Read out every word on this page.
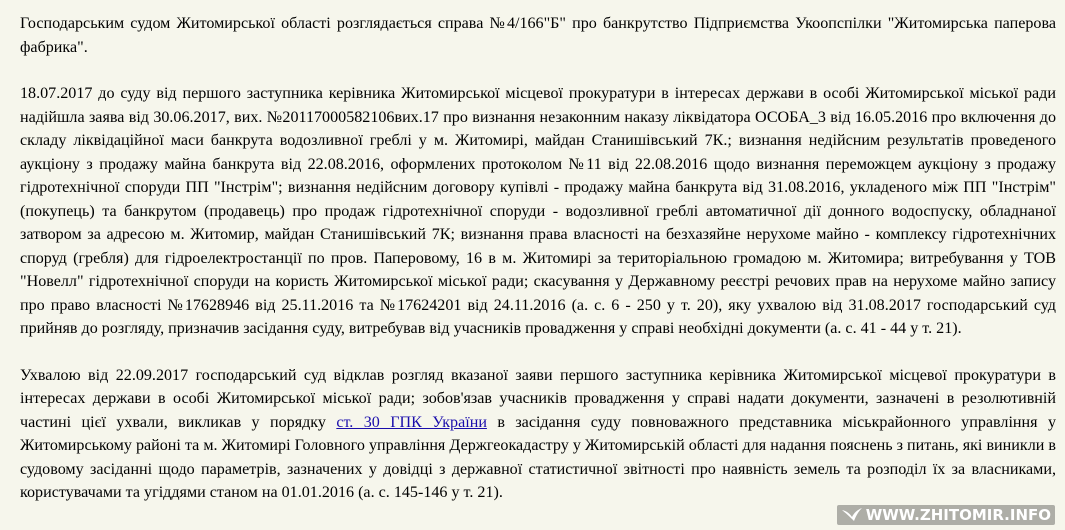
Господарським судом Житомирської області розглядається справа №4/166"Б" про банкрутство Підприємства Укоопспілки "Житомирська паперова фабрика".

18.07.2017 до суду від першого заступника керівника Житомирської місцевої прокуратури в інтересах держави в особі Житомирської міської ради надійшла заява від 30.06.2017, вих. №20117000582106вих.17 про визнання незаконним наказу ліквідатора ОСОБА_3 від 16.05.2016 про включення до складу ліквідаційної маси банкрута водозливної греблі у м. Житомирі, майдан Станишівський 7К.; визнання недійсним результатів проведеного аукціону з продажу майна банкрута від 22.08.2016, оформлених протоколом №11 від 22.08.2016 щодо визнання переможцем аукціону з продажу гідротехнічної споруди ПП "Інстрім"; визнання недійсним договору купівлі - продажу майна банкрута від 31.08.2016, укладеного між ПП "Інстрім" (покупець) та банкрутом (продавець) про продаж гідротехнічної споруди - водозливної греблі автоматичної дії донного водоспуску, обладнаної затвором за адресою м. Житомир, майдан Станишівський 7К; визнання права власності на безхазяйне нерухоме майно - комплексу гідротехнічних споруд (гребля) для гідроелектростанції по пров. Паперовому, 16 в м. Житомирі за територіальною громадою м. Житомира; витребування у ТОВ "Новелл" гідротехнічної споруди на користь Житомирської міської ради; скасування у Державному реєстрі речових прав на нерухоме майно запису про право власності №17628946 від 25.11.2016 та №17624201 від 24.11.2016 (а. с. 6 - 250 у т. 20), яку ухвалою від 31.08.2017 господарський суд прийняв до розгляду, призначив засідання суду, витребував від учасників провадження у справі необхідні документи (а. с. 41 - 44 у т. 21).

Ухвалою від 22.09.2017 господарський суд відклав розгляд вказаної заяви першого заступника керівника Житомирської місцевої прокуратури в інтересах держави в особі Житомирської міської ради; зобов'язав учасників провадження у справі надати документи, зазначені в резолютивній частині цієї ухвали, викликав у порядку ст. 30 ГПК України в засідання суду повноважного представника міськрайонного управління у Житомирському районі та м. Житомирі Головного управління Держгеокадастру у Житомирській області для надання пояснень з питань, які виникли в судовому засіданні щодо параметрів, зазначених у довідці з державної статистичної звітності про наявність земель та розподіл їх за власниками, користувачами та угіддями станом на 01.01.2016 (а. с. 145-146 у т. 21).

WWW.ZHITOMIR.INFO
